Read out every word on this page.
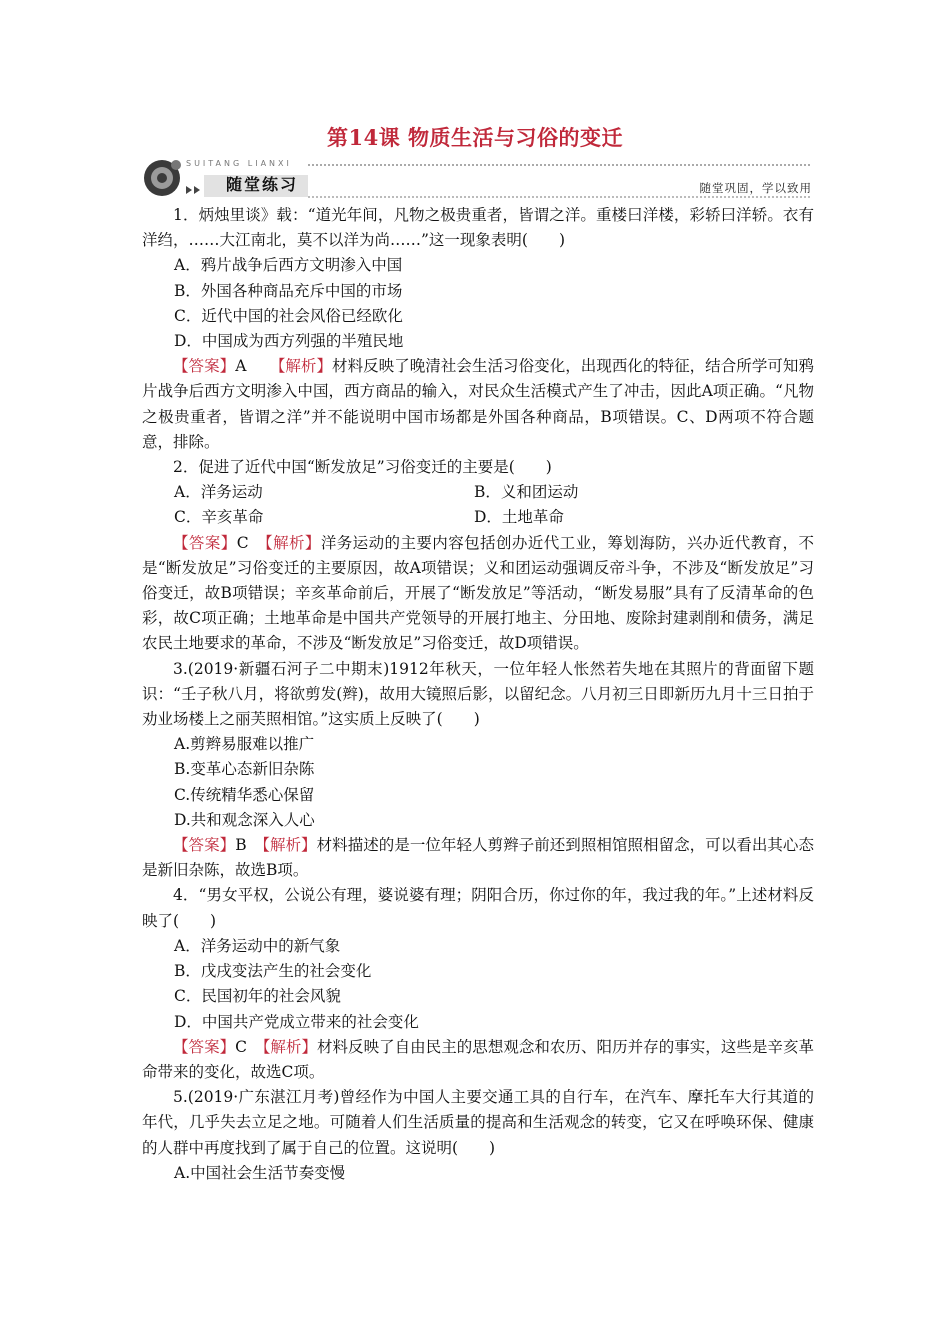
第14课 物质生活与习俗的变迁
SUITANG LIANXI
随堂练习	随堂巩固，学以致用

1．炳烛里谈》载：“道光年间，凡物之极贵重者，皆谓之洋。重楼曰洋楼，彩轿曰洋轿。衣有洋绉，……大江南北，莫不以洋为尚……”这一现象表明(　　)

A．鸦片战争后西方文明渗入中国

B．外国各种商品充斥中国的市场

C．近代中国的社会风俗已经欧化

D．中国成为西方列强的半殖民地

【答案】A　　 【解析】材料反映了晚清社会生活习俗变化，出现西化的特征，结合所学可知鸦片战争后西方文明渗入中国，西方商品的输入，对民众生活模式产生了冲击，因此A项正确。“凡物之极贵重者，皆谓之洋”并不能说明中国市场都是外国各种商品，B项错误。C、D两项不符合题意，排除。

2．促进了近代中国“断发放足”习俗变迁的主要是(　　)

A．洋务运动	B．义和团运动
C．辛亥革命	D．土地革命

【答案】C　 【解析】洋务运动的主要内容包括创办近代工业，筹划海防，兴办近代教育，不是“断发放足”习俗变迁的主要原因，故A项错误；义和团运动强调反帝斗争，不涉及“断发放足”习俗变迁，故B项错误；辛亥革命前后，开展了“断发放足”等活动，“断发易服”具有了反清革命的色彩，故C项正确；土地革命是中国共产党领导的开展打地主、分田地、废除封建剥削和债务，满足农民土地要求的革命，不涉及“断发放足”习俗变迁，故D项错误。

3.(2019·新疆石河子二中期末)1912年秋天，一位年轻人怅然若失地在其照片的背面留下题识：“壬子秋八月，将欲剪发(辫)，故用大镜照后影，以留纪念。八月初三日即新历九月十三日拍于劝业场楼上之丽芙照相馆。”这实质上反映了(　　)

A.剪辫易服难以推广

B.变革心态新旧杂陈

C.传统精华悉心保留

D.共和观念深入人心

【答案】B　 【解析】材料描述的是一位年轻人剪辫子前还到照相馆照相留念，可以看出其心态是新旧杂陈，故选B项。

4．“男女平权，公说公有理，婆说婆有理；阴阳合历，你过你的年，我过我的年。”上述材料反映了(　　)

A．洋务运动中的新气象

B．戊戌变法产生的社会变化

C．民国初年的社会风貌

D．中国共产党成立带来的社会变化

【答案】C　 【解析】材料反映了自由民主的思想观念和农历、阳历并存的事实，这些是辛亥革命带来的变化，故选C项。

5.(2019·广东湛江月考)曾经作为中国人主要交通工具的自行车，在汽车、摩托车大行其道的年代，几乎失去立足之地。可随着人们生活质量的提高和生活观念的转变，它又在呼唤环保、健康的人群中再度找到了属于自己的位置。这说明(　　)

A.中国社会生活节奏变慢
